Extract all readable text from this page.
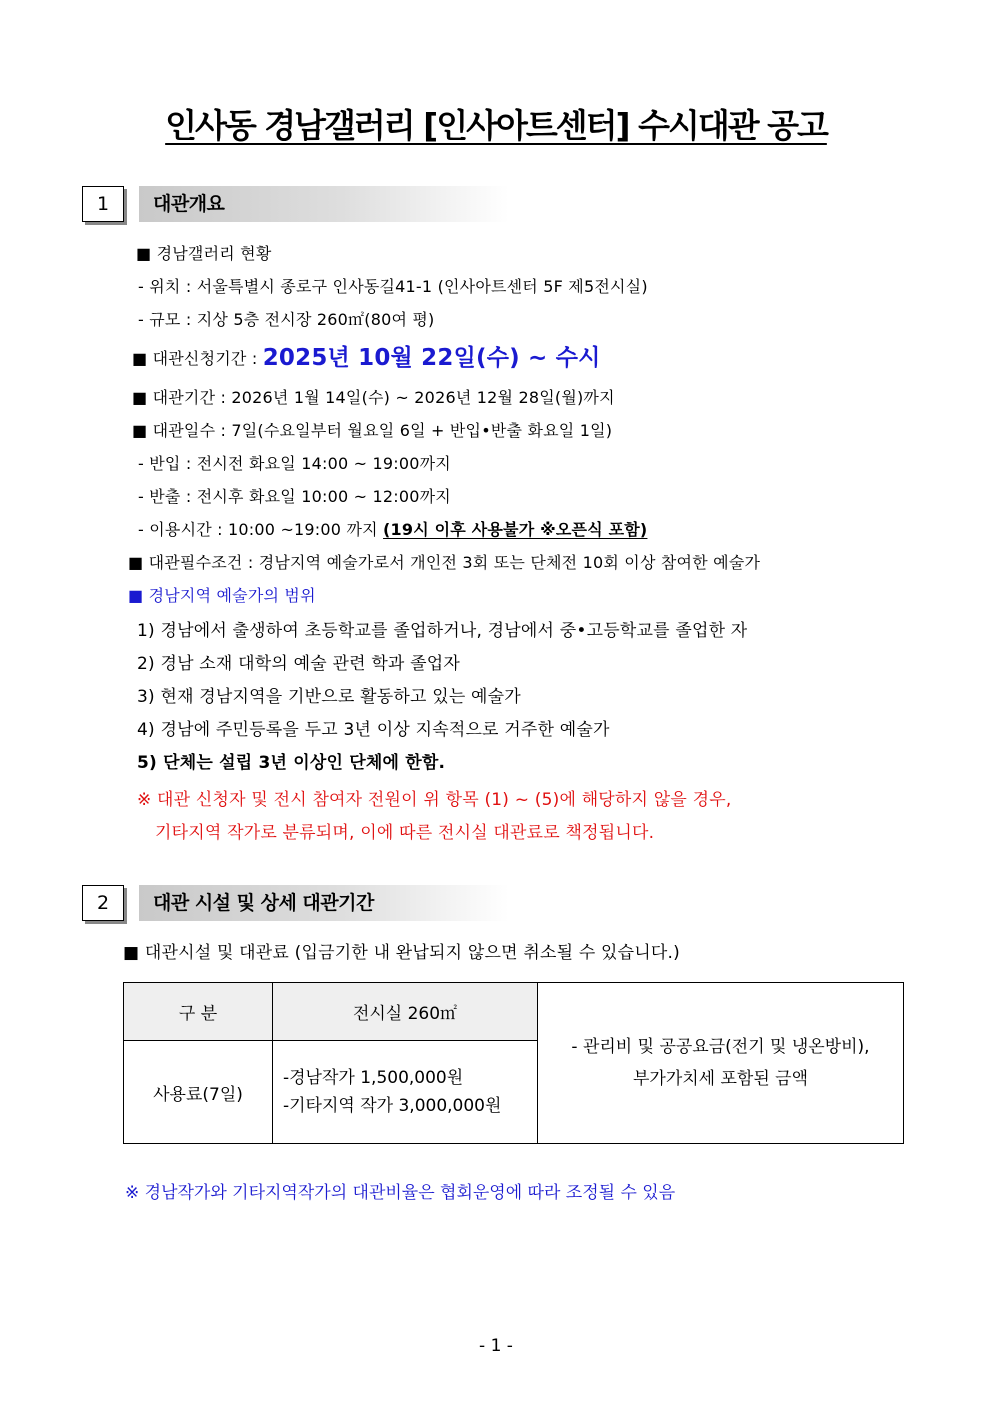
인사동 경남갤러리 [인사아트센터] 수시대관 공고
1	대관개요
■ 경남갤러리 현황
- 위치 : 서울특별시 종로구 인사동길41-1 (인사아트센터 5F 제5전시실)
- 규모 : 지상 5층 전시장 260㎡(80여 평)
■ 대관신청기간 : 2025년 10월 22일(수) ~ 수시
■ 대관기간 : 2026년 1월 14일(수) ~ 2026년 12월 28일(월)까지
■ 대관일수 : 7일(수요일부터 월요일 6일 + 반입•반출 화요일 1일)
- 반입 : 전시전 화요일 14:00 ~ 19:00까지
- 반출 : 전시후 화요일 10:00 ~ 12:00까지
- 이용시간 : 10:00 ~19:00 까지 (19시 이후 사용불가 ※오픈식 포함)
■ 대관필수조건 : 경남지역 예술가로서 개인전 3회 또는 단체전 10회 이상 참여한 예술가
■ 경남지역 예술가의 범위
1) 경남에서 출생하여 초등학교를 졸업하거나, 경남에서 중•고등학교를 졸업한 자
2) 경남 소재 대학의 예술 관련 학과 졸업자
3) 현재 경남지역을 기반으로 활동하고 있는 예술가
4) 경남에 주민등록을 두고 3년 이상 지속적으로 거주한 예술가
5) 단체는 설립 3년 이상인 단체에 한함.
※ 대관 신청자 및 전시 참여자 전원이 위 항목 (1) ~ (5)에 해당하지 않을 경우,
기타지역 작가로 분류되며, 이에 따른 전시실 대관료로 책정됩니다.
2	대관 시설 및 상세 대관기간
■ 대관시설 및 대관료 (입금기한 내 완납되지 않으면 취소될 수 있습니다.)
구 분	전시실 260㎡	- 관리비 및 공공요금(전기 및 냉온방비),
부가가치세 포함된 금액

사용료(7일)	-경남작가 1,500,000원
-기타지역 작가 3,000,000원	
※ 경남작가와 기타지역작가의 대관비율은 협회운영에 따라 조정될 수 있음
- 1 -
